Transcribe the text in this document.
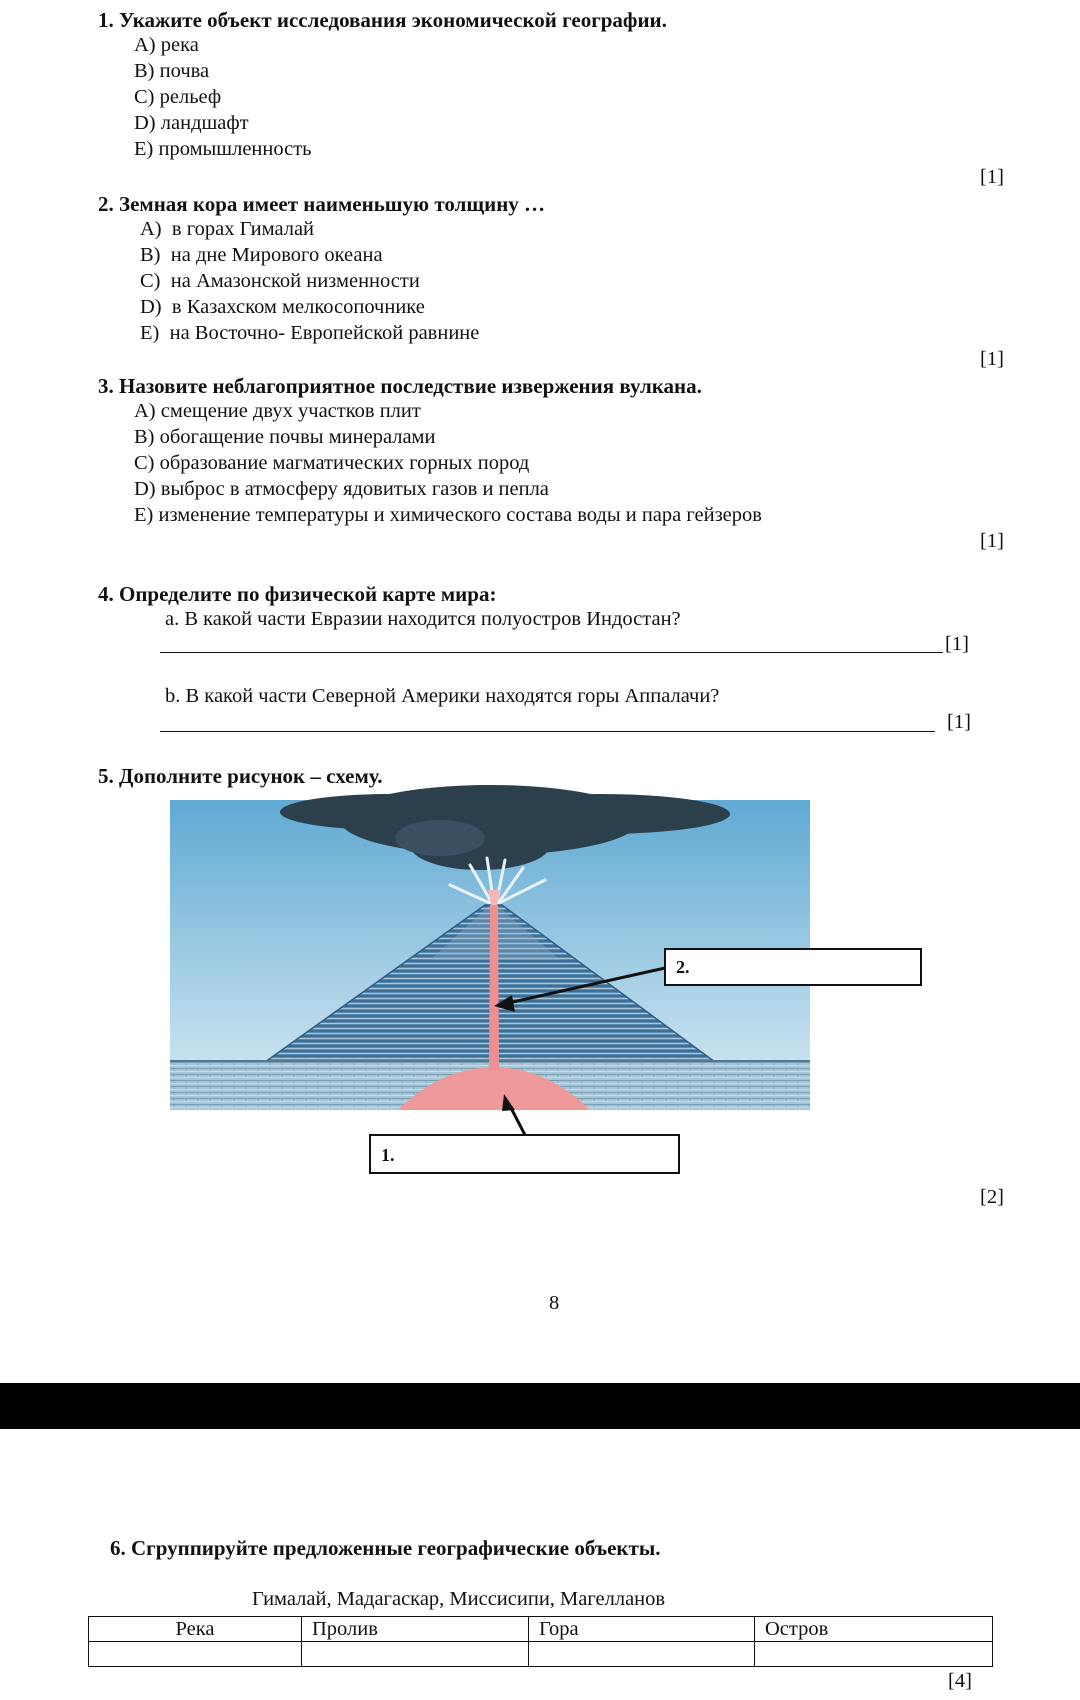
1. Укажите объект исследования экономической географии.
A) река
B) почва
C) рельеф
D) ландшафт
E) промышленность
[1]
2. Земная кора имеет наименьшую толщину …
A) в горах Гималай
B) на дне Мирового океана
C) на Амазонской низменности
D) в Казахском мелкосопочнике
E) на Восточно- Европейской равнине
[1]
3. Назовите неблагоприятное последствие извержения вулкана.
A) смещение двух участков плит
B) обогащение почвы минералами
C) образование магматических горных пород
D) выброс в атмосферу ядовитых газов и пепла
E) изменение температуры и химического состава воды и пара гейзеров
[1]
4. Определите по физической карте мира:
a. В какой части Евразии находится полуостров Индостан?
[1]
b. В какой части Северной Америки находятся горы Аппалачи?
[1]
5. Дополните рисунок – схему.
2.
1.
[2]
8
6. Сгруппируйте предложенные географические объекты.
Гималай, Мадагаскар, Миссисипи, Магелланов
Река	Пролив	Гора	Остров

[4]
